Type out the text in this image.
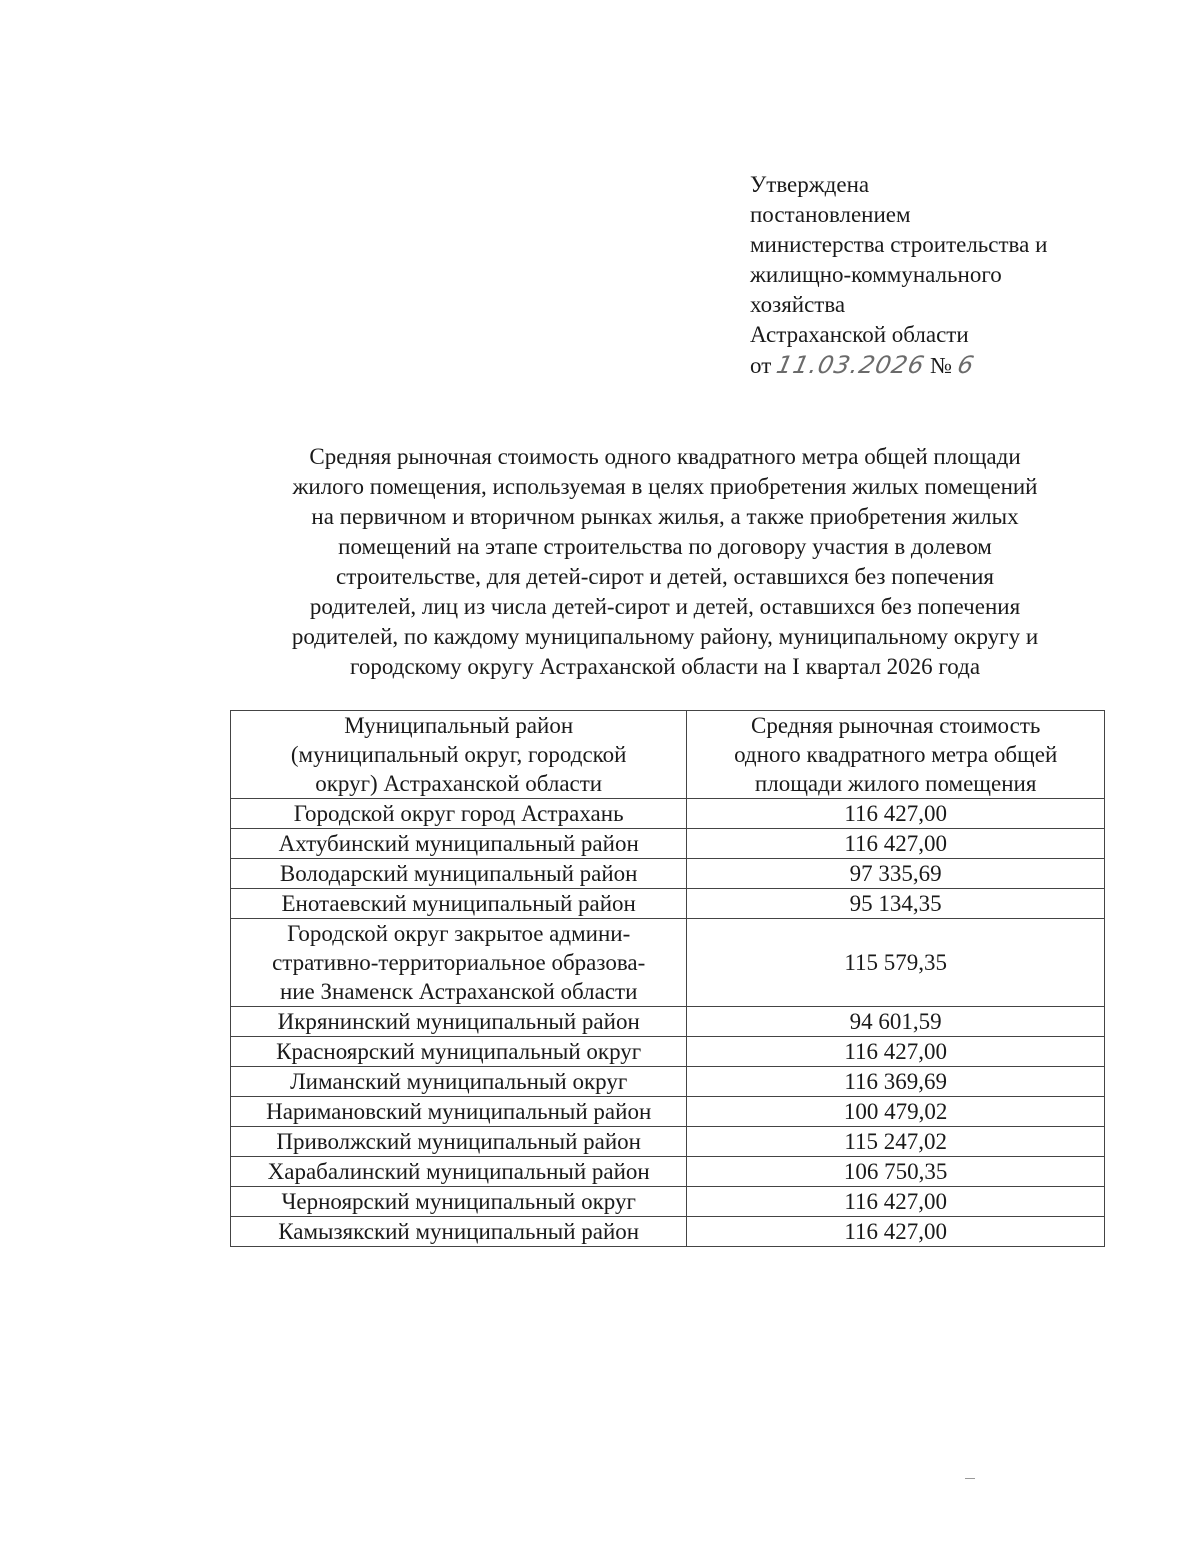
Утверждена
постановлением
министерства строительства и
жилищно-коммунального
хозяйства
Астраханской области
от 11.03.2026 № 6
Средняя рыночная стоимость одного квадратного метра общей площади
жилого помещения, используемая в целях приобретения жилых помещений
на первичном и вторичном рынках жилья, а также приобретения жилых
помещений на этапе строительства по договору участия в долевом
строительстве, для детей-сирот и детей, оставшихся без попечения
родителей, лиц из числа детей-сирот и детей, оставшихся без попечения
родителей, по каждому муниципальному району, муниципальному округу и
городскому округу Астраханской области на I квартал 2026 года
Муниципальный район
(муниципальный округ, городской
округ) Астраханской области	Средняя рыночная стоимость
одного квадратного метра общей
площади жилого помещения

Городской округ город Астрахань	116 427,00

Ахтубинский муниципальный район	116 427,00

Володарский муниципальный район	97 335,69

Енотаевский муниципальный район	95 134,35

Городской округ закрытое админи-
стративно-территориальное образова-
ние Знаменск Астраханской области	115 579,35

Икрянинский муниципальный район	94 601,59

Красноярский муниципальный округ	116 427,00

Лиманский муниципальный округ	116 369,69

Наримановский муниципальный район	100 479,02

Приволжский муниципальный район	115 247,02

Харабалинский муниципальный район	106 750,35

Черноярский муниципальный округ	116 427,00

Камызякский муниципальный район	116 427,00
